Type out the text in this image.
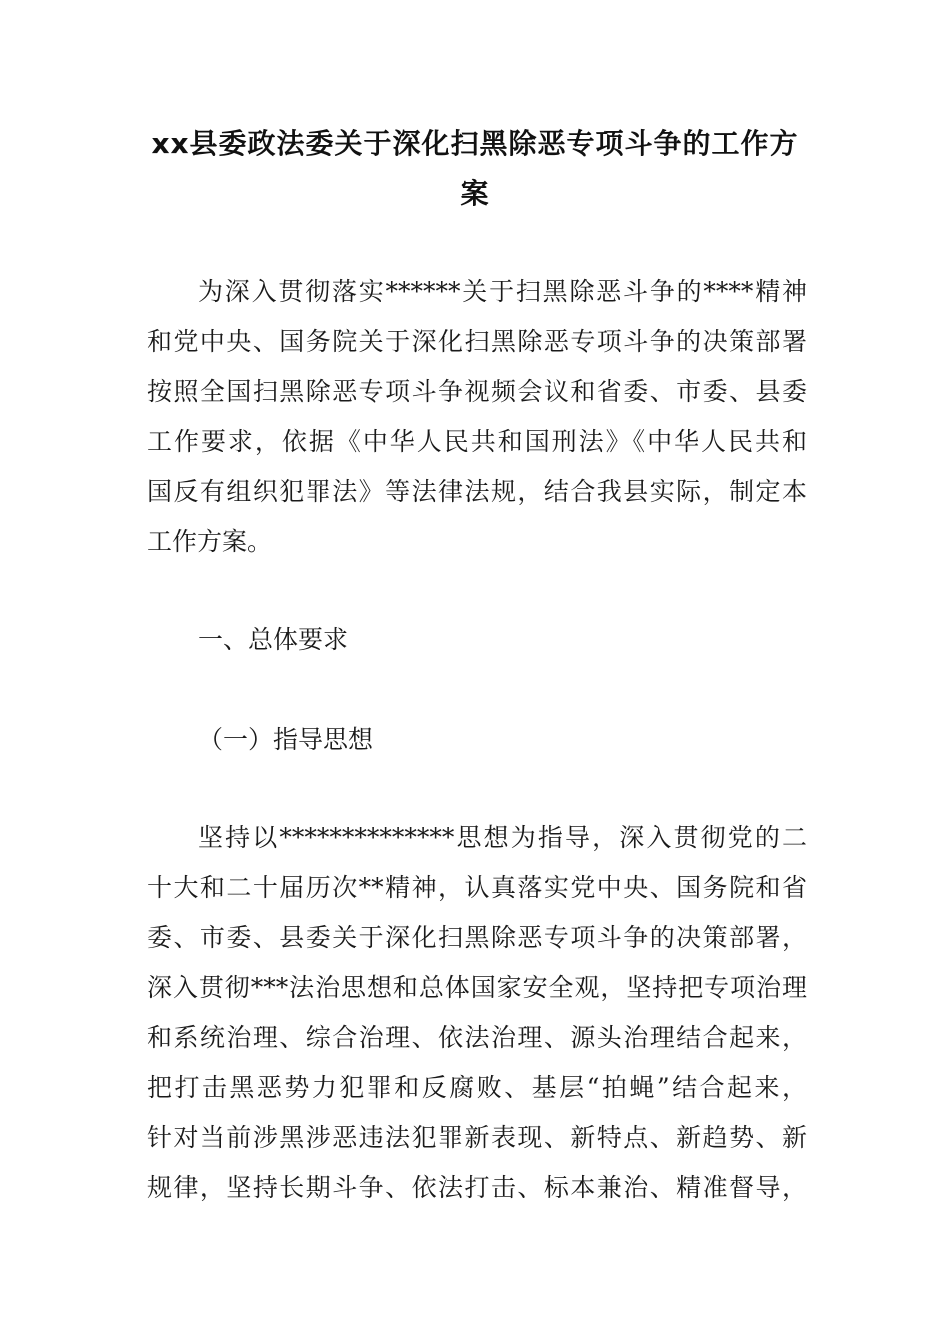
xx县委政法委关于深化扫黑除恶专项斗争的工作方
案
为深入贯彻落实******关于扫黑除恶斗争的****精神
和党中央、国务院关于深化扫黑除恶专项斗争的决策部署
按照全国扫黑除恶专项斗争视频会议和省委、市委、县委
工作要求，依据《中华人民共和国刑法》《中华人民共和
国反有组织犯罪法》等法律法规，结合我县实际，制定本
工作方案。
一、总体要求
（一）指导思想
坚持以**************思想为指导，深入贯彻党的二
十大和二十届历次**精神，认真落实党中央、国务院和省
委、市委、县委关于深化扫黑除恶专项斗争的决策部署，
深入贯彻***法治思想和总体国家安全观，坚持把专项治理
和系统治理、综合治理、依法治理、源头治理结合起来，
把打击黑恶势力犯罪和反腐败、基层“拍蝇”结合起来，
针对当前涉黑涉恶违法犯罪新表现、新特点、新趋势、新
规律，坚持长期斗争、依法打击、标本兼治、精准督导，
